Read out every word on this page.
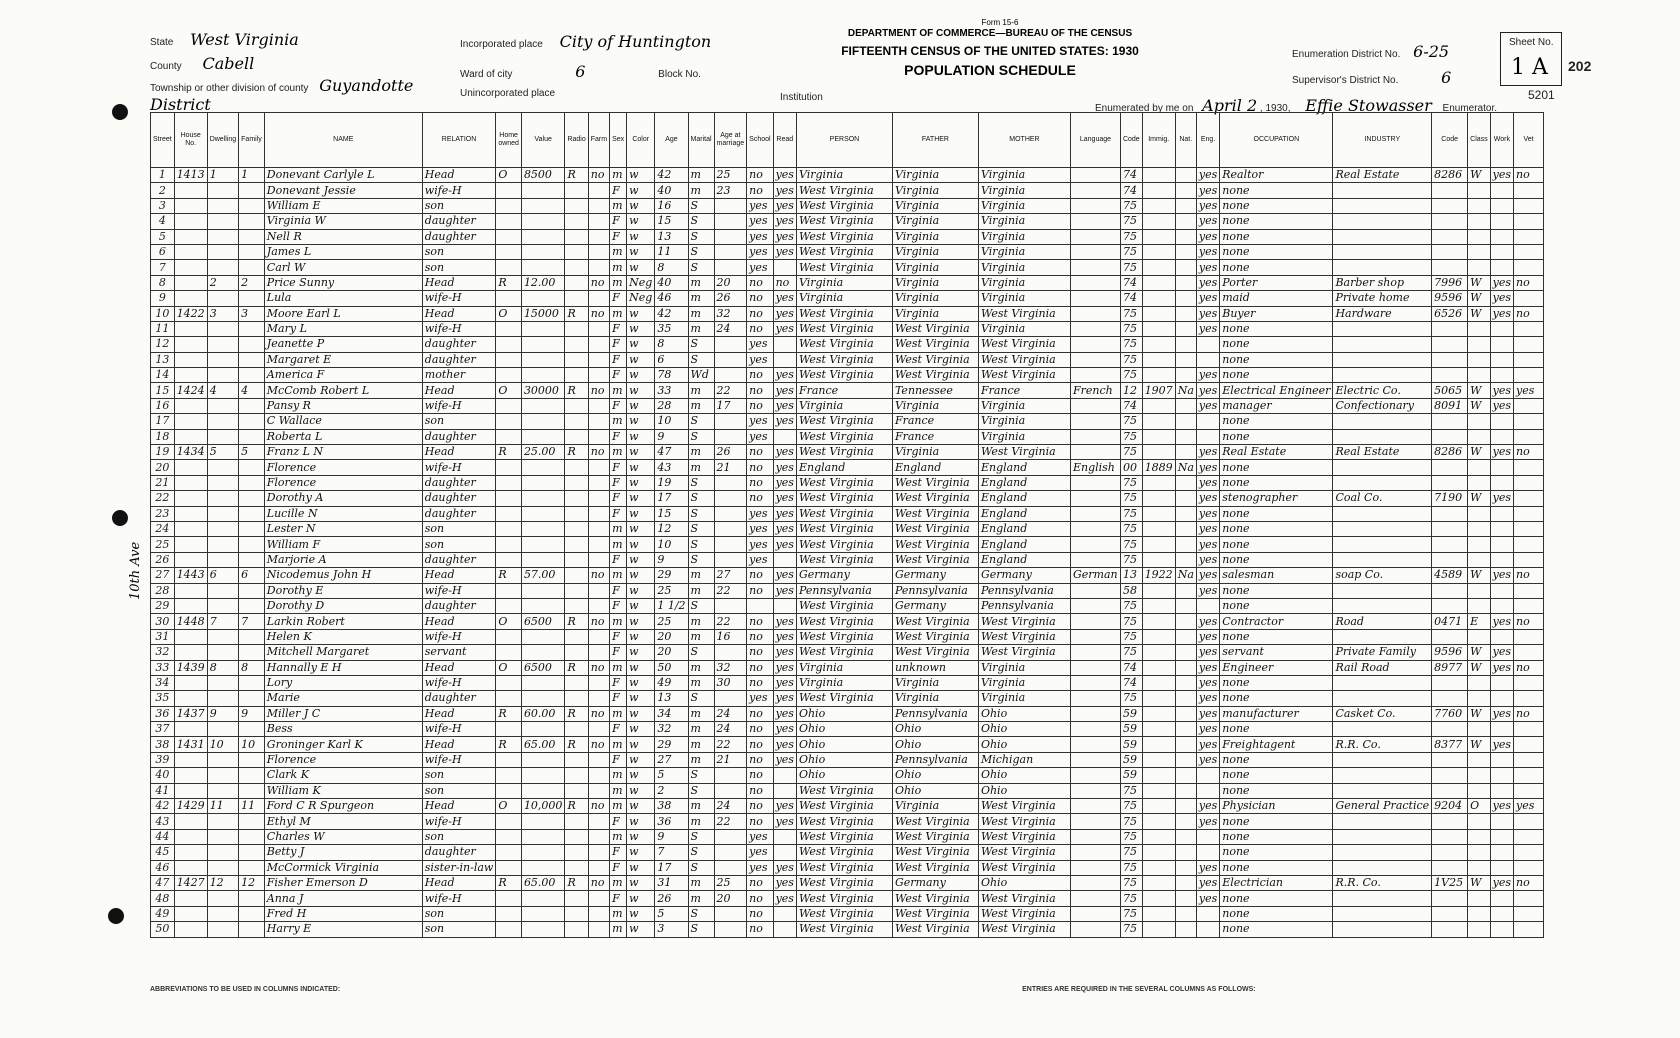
State West Virginia
County Cabell
Township or other division of county Guyandotte District
Incorporated place City of Huntington
Ward of city	6	Block No.
Unincorporated place	Institution
Form 15-6
DEPARTMENT OF COMMERCE—BUREAU OF THE CENSUS
FIFTEENTH CENSUS OF THE UNITED STATES: 1930
POPULATION SCHEDULE
Enumeration District No. 6-25
Supervisor's District No.	6
Sheet No.
1 A 202
5201
Enumerated by me on April 2 , 1930, Effie Stowasser Enumerator.
10th Ave
Street	House No.	Dwelling	Family	NAME	RELATION	Home owned	Value	Radio	Farm	Sex	Color	Age	Marital	Age at marriage	School	Read	PERSON	FATHER	MOTHER	Language	Code	Immig.	Nat.	Eng.	OCCUPATION	INDUSTRY	Code	Class	Work	Vet
1	1413	1	1	Donevant Carlyle L	Head	O	8500	R	no	m	w	42	m	25	no	yes	Virginia	Virginia	Virginia		74			yes	Realtor	Real Estate	8286	W	yes	no
2				Donevant Jessie	wife-H					F	w	40	m	23	no	yes	West Virginia	Virginia	Virginia		74			yes	none					
3				William E	son					m	w	16	S		yes	yes	West Virginia	Virginia	Virginia		75			yes	none					
4				Virginia W	daughter					F	w	15	S		yes	yes	West Virginia	Virginia	Virginia		75			yes	none					
5				Nell R	daughter					F	w	13	S		yes	yes	West Virginia	Virginia	Virginia		75			yes	none					
6				James L	son					m	w	11	S		yes	yes	West Virginia	Virginia	Virginia		75			yes	none					
7				Carl W	son					m	w	8	S		yes		West Virginia	Virginia	Virginia		75			yes	none					
8		2	2	Price Sunny	Head	R	12.00		no	m	Neg	40	m	20	no	no	Virginia	Virginia	Virginia		74			yes	Porter	Barber shop	7996	W	yes	no
9				Lula	wife-H					F	Neg	46	m	26	no	yes	Virginia	Virginia	Virginia		74			yes	maid	Private home	9596	W	yes	
10	1422	3	3	Moore Earl L	Head	O	15000	R	no	m	w	42	m	32	no	yes	West Virginia	Virginia	West Virginia		75			yes	Buyer	Hardware	6526	W	yes	no
11				Mary L	wife-H					F	w	35	m	24	no	yes	West Virginia	West Virginia	Virginia		75			yes	none					
12				Jeanette P	daughter					F	w	8	S		yes		West Virginia	West Virginia	West Virginia		75				none					
13				Margaret E	daughter					F	w	6	S		yes		West Virginia	West Virginia	West Virginia		75				none					
14				America F	mother					F	w	78	Wd		no	yes	West Virginia	West Virginia	West Virginia		75			yes	none					
15	1424	4	4	McComb Robert L	Head	O	30000	R	no	m	w	33	m	22	no	yes	France	Tennessee	France	French	12	1907	Na	yes	Electrical Engineer	Electric Co.	5065	W	yes	yes
16				Pansy R	wife-H					F	w	28	m	17	no	yes	Virginia	Virginia	Virginia		74			yes	manager	Confectionary	8091	W	yes	
17				C Wallace	son					m	w	10	S		yes	yes	West Virginia	France	Virginia		75				none					
18				Roberta L	daughter					F	w	9	S		yes		West Virginia	France	Virginia		75				none					
19	1434	5	5	Franz L N	Head	R	25.00	R	no	m	w	47	m	26	no	yes	West Virginia	Virginia	West Virginia		75			yes	Real Estate	Real Estate	8286	W	yes	no
20				Florence	wife-H					F	w	43	m	21	no	yes	England	England	England	English	00	1889	Na	yes	none					
21				Florence	daughter					F	w	19	S		no	yes	West Virginia	West Virginia	England		75			yes	none					
22				Dorothy A	daughter					F	w	17	S		no	yes	West Virginia	West Virginia	England		75			yes	stenographer	Coal Co.	7190	W	yes	
23				Lucille N	daughter					F	w	15	S		yes	yes	West Virginia	West Virginia	England		75			yes	none					
24				Lester N	son					m	w	12	S		yes	yes	West Virginia	West Virginia	England		75			yes	none					
25				William F	son					m	w	10	S		yes	yes	West Virginia	West Virginia	England		75			yes	none					
26				Marjorie A	daughter					F	w	9	S		yes		West Virginia	West Virginia	England		75			yes	none					
27	1443	6	6	Nicodemus John H	Head	R	57.00		no	m	w	29	m	27	no	yes	Germany	Germany	Germany	German	13	1922	Na	yes	salesman	soap Co.	4589	W	yes	no
28				Dorothy E	wife-H					F	w	25	m	22	no	yes	Pennsylvania	Pennsylvania	Pennsylvania		58			yes	none					
29				Dorothy D	daughter					F	w	1 1/2	S				West Virginia	Germany	Pennsylvania		75				none					
30	1448	7	7	Larkin Robert	Head	O	6500	R	no	m	w	25	m	22	no	yes	West Virginia	West Virginia	West Virginia		75			yes	Contractor	Road	0471	E	yes	no
31				Helen K	wife-H					F	w	20	m	16	no	yes	West Virginia	West Virginia	West Virginia		75			yes	none					
32				Mitchell Margaret	servant					F	w	20	S		no	yes	West Virginia	West Virginia	West Virginia		75			yes	servant	Private Family	9596	W	yes	
33	1439	8	8	Hannally E H	Head	O	6500	R	no	m	w	50	m	32	no	yes	Virginia	unknown	Virginia		74			yes	Engineer	Rail Road	8977	W	yes	no
34				Lory	wife-H					F	w	49	m	30	no	yes	Virginia	Virginia	Virginia		74			yes	none					
35				Marie	daughter					F	w	13	S		yes	yes	West Virginia	Virginia	Virginia		75			yes	none					
36	1437	9	9	Miller J C	Head	R	60.00	R	no	m	w	34	m	24	no	yes	Ohio	Pennsylvania	Ohio		59			yes	manufacturer	Casket Co.	7760	W	yes	no
37				Bess	wife-H					F	w	32	m	24	no	yes	Ohio	Ohio	Ohio		59			yes	none					
38	1431	10	10	Groninger Karl K	Head	R	65.00	R	no	m	w	29	m	22	no	yes	Ohio	Ohio	Ohio		59			yes	Freightagent	R.R. Co.	8377	W	yes	
39				Florence	wife-H					F	w	27	m	21	no	yes	Ohio	Pennsylvania	Michigan		59			yes	none					
40				Clark K	son					m	w	5	S		no		Ohio	Ohio	Ohio		59				none					
41				William K	son					m	w	2	S		no		West Virginia	Ohio	Ohio		75				none					
42	1429	11	11	Ford C R Spurgeon	Head	O	10,000	R	no	m	w	38	m	24	no	yes	West Virginia	Virginia	West Virginia		75			yes	Physician	General Practice	9204	O	yes	yes
43				Ethyl M	wife-H					F	w	36	m	22	no	yes	West Virginia	West Virginia	West Virginia		75			yes	none					
44				Charles W	son					m	w	9	S		yes		West Virginia	West Virginia	West Virginia		75				none					
45				Betty J	daughter					F	w	7	S		yes		West Virginia	West Virginia	West Virginia		75				none					
46				McCormick Virginia	sister-in-law					F	w	17	S		yes	yes	West Virginia	West Virginia	West Virginia		75			yes	none					
47	1427	12	12	Fisher Emerson D	Head	R	65.00	R	no	m	w	31	m	25	no	yes	West Virginia	Germany	Ohio		75			yes	Electrician	R.R. Co.	1V25	W	yes	no
48				Anna J	wife-H					F	w	26	m	20	no	yes	West Virginia	West Virginia	West Virginia		75			yes	none					
49				Fred H	son					m	w	5	S		no		West Virginia	West Virginia	West Virginia		75				none					
50				Harry E	son					m	w	3	S		no		West Virginia	West Virginia	West Virginia		75				none					
ABBREVIATIONS TO BE USED IN COLUMNS INDICATED:	ENTRIES ARE REQUIRED IN THE SEVERAL COLUMNS AS FOLLOWS:
